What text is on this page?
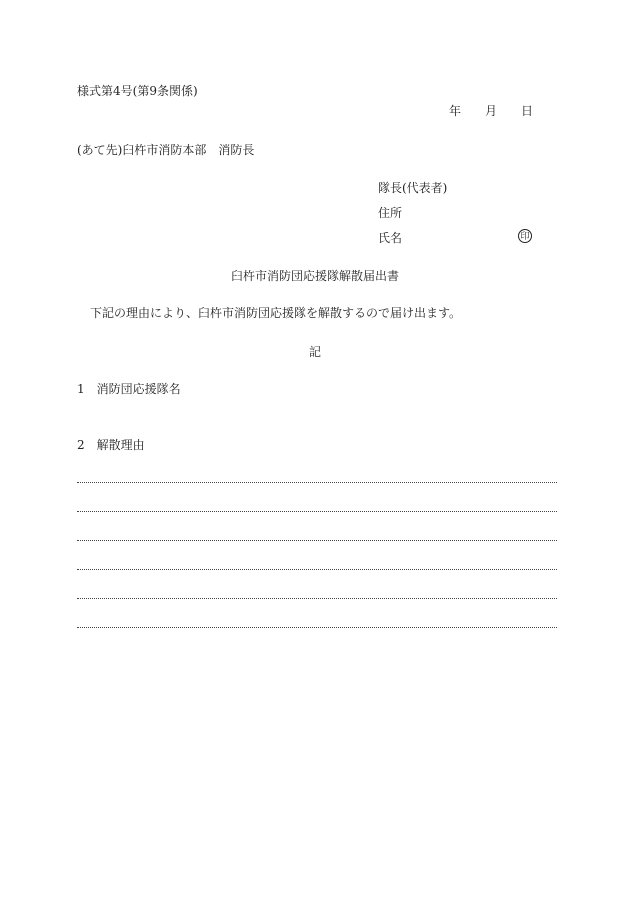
様式第4号(第9条関係)
年 月 日
(あて先)臼杵市消防本部　消防長
隊長(代表者)
住所
氏名	印
臼杵市消防団応援隊解散届出書
下記の理由により、臼杵市消防団応援隊を解散するので届け出ます。
記
1　消防団応援隊名
2　解散理由
